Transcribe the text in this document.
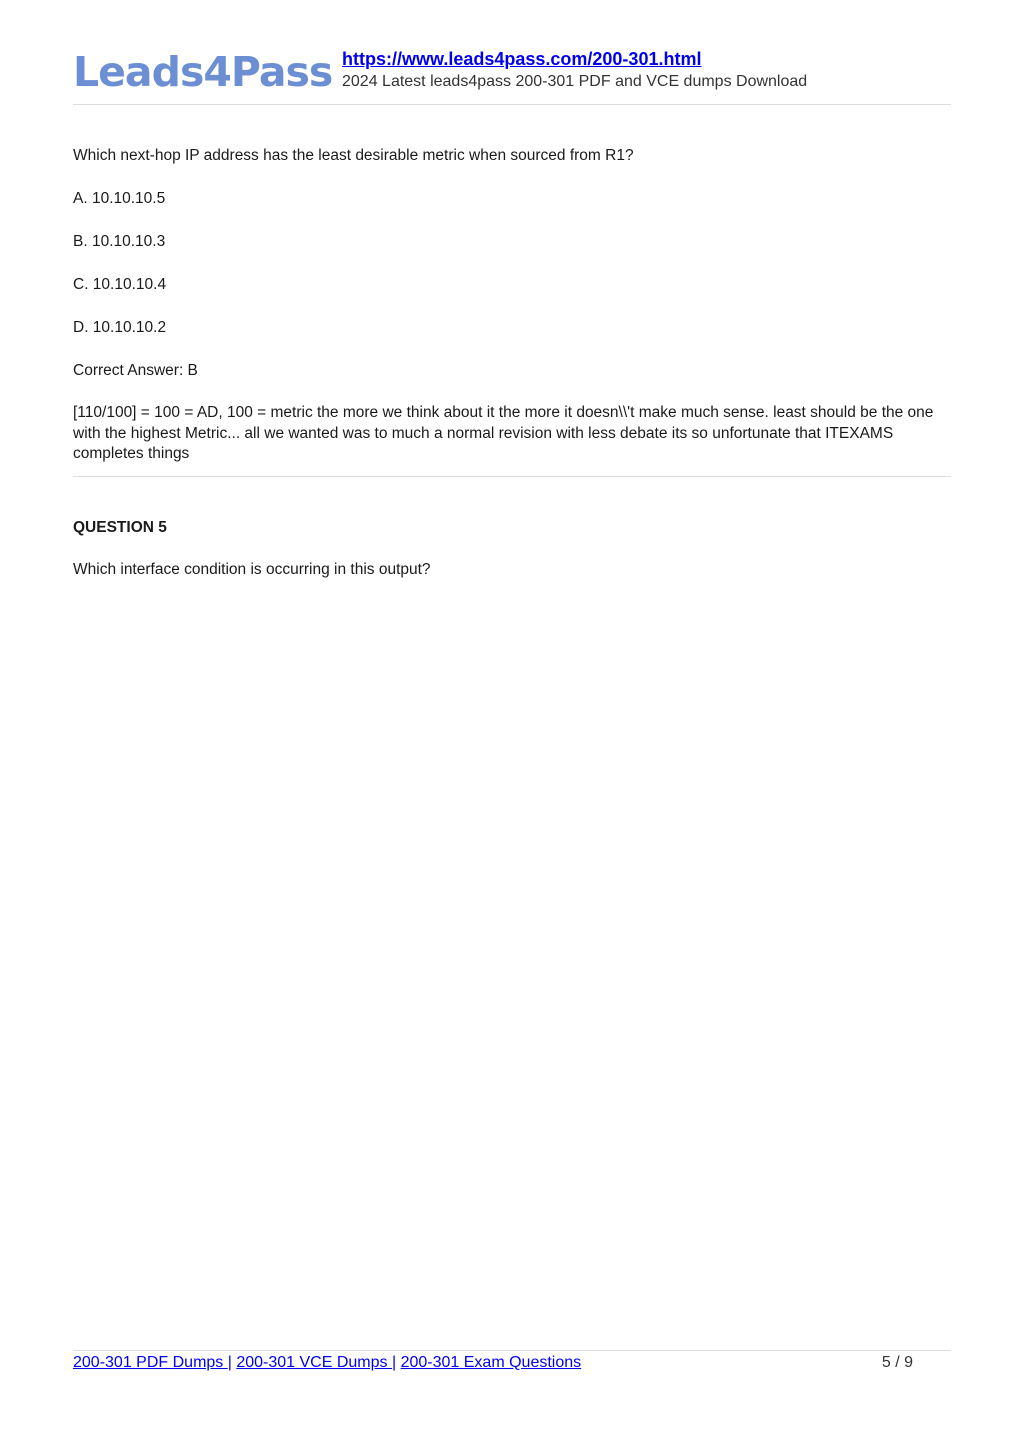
Leads4Pass https://www.leads4pass.com/200-301.html
2024 Latest leads4pass 200-301 PDF and VCE dumps Download
Which next-hop IP address has the least desirable metric when sourced from R1?
A. 10.10.10.5
B. 10.10.10.3
C. 10.10.10.4
D. 10.10.10.2
Correct Answer: B
[110/100] = 100 = AD, 100 = metric the more we think about it the more it doesn\\'t make much sense. least should be the one with the highest Metric... all we wanted was to much a normal revision with less debate its so unfortunate that ITEXAMS completes things
QUESTION 5
Which interface condition is occurring in this output?
200-301 PDF Dumps | 200-301 VCE Dumps | 200-301 Exam Questions	5 / 9
